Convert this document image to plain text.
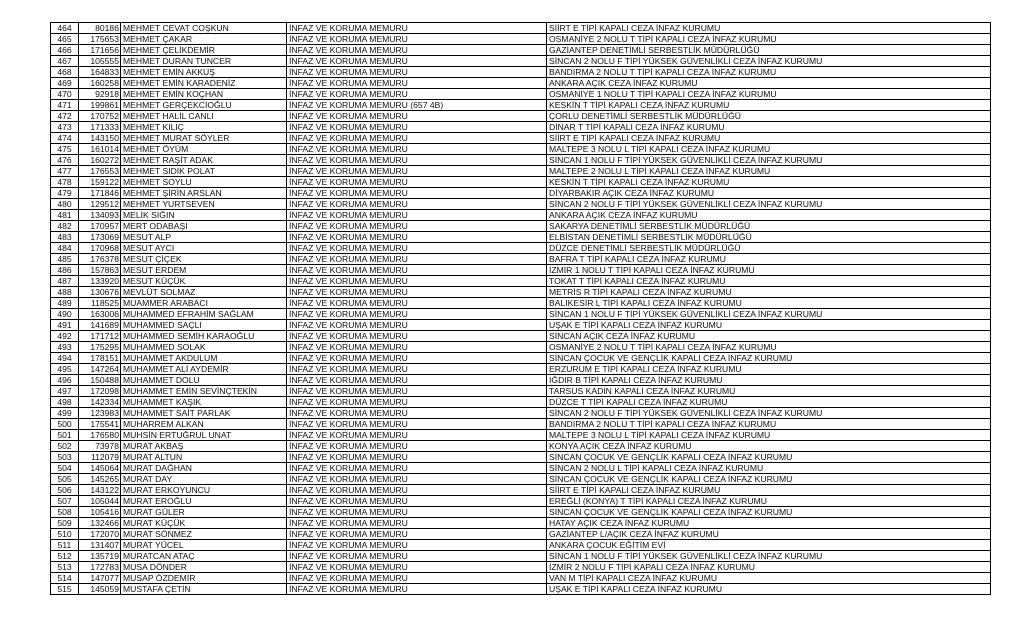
464	80186	MEHMET CEVAT COŞKUN	İNFAZ VE KORUMA MEMURU	SİİRT E TİPİ KAPALI CEZA İNFAZ KURUMU
465	175653	MEHMET ÇAKAR	İNFAZ VE KORUMA MEMURU	OSMANİYE 2 NOLU T TİPİ KAPALI CEZA İNFAZ KURUMU
466	171656	MEHMET ÇELİKDEMİR	İNFAZ VE KORUMA MEMURU	GAZİANTEP DENETİMLİ SERBESTLİK MÜDÜRLÜĞÜ
467	105555	MEHMET DURAN TUNCER	İNFAZ VE KORUMA MEMURU	SİNCAN 2 NOLU F TİPİ YÜKSEK GÜVENLİKLİ CEZA İNFAZ KURUMU
468	164833	MEHMET EMİN AKKUŞ	İNFAZ VE KORUMA MEMURU	BANDIRMA 2 NOLU T TİPİ KAPALI CEZA İNFAZ KURUMU
469	160258	MEHMET EMİN KARADENİZ	İNFAZ VE KORUMA MEMURU	ANKARA AÇIK CEZA İNFAZ KURUMU
470	92918	MEHMET EMİN KOÇHAN	İNFAZ VE KORUMA MEMURU	OSMANİYE 1 NOLU T TİPİ KAPALI CEZA İNFAZ KURUMU
471	199861	MEHMET GERÇEKCİOĞLU	İNFAZ VE KORUMA MEMURU (657 4B)	KESKİN T TİPİ KAPALI CEZA İNFAZ KURUMU
472	170752	MEHMET HALİL CANLI	İNFAZ VE KORUMA MEMURU	ÇORLU DENETİMLİ SERBESTLİK MÜDÜRLÜĞÜ
473	171333	MEHMET KILIÇ	İNFAZ VE KORUMA MEMURU	DİNAR T TİPİ KAPALI CEZA İNFAZ KURUMU
474	143150	MEHMET MURAT SÖYLER	İNFAZ VE KORUMA MEMURU	SİİRT E TİPİ KAPALI CEZA İNFAZ KURUMU
475	161014	MEHMET ÖYÜM	İNFAZ VE KORUMA MEMURU	MALTEPE 3 NOLU L TİPİ KAPALI CEZA İNFAZ KURUMU
476	160272	MEHMET RAŞİT ADAK	İNFAZ VE KORUMA MEMURU	SİNCAN 1 NOLU F TİPİ YÜKSEK GÜVENLİKLİ CEZA İNFAZ KURUMU
477	176553	MEHMET SIDIK POLAT	İNFAZ VE KORUMA MEMURU	MALTEPE 2 NOLU L TİPİ KAPALI CEZA İNFAZ KURUMU
478	159122	MEHMET SOYLU	İNFAZ VE KORUMA MEMURU	KESKİN T TİPİ KAPALI CEZA İNFAZ KURUMU
479	171846	MEHMET ŞİRİN ARSLAN	İNFAZ VE KORUMA MEMURU	DİYARBAKIR AÇIK CEZA İNFAZ KURUMU
480	129512	MEHMET YURTSEVEN	İNFAZ VE KORUMA MEMURU	SİNCAN 2 NOLU F TİPİ YÜKSEK GÜVENLİKLİ CEZA İNFAZ KURUMU
481	134093	MELİK SIĞIN	İNFAZ VE KORUMA MEMURU	ANKARA AÇIK CEZA İNFAZ KURUMU
482	170957	MERT ODABAŞI	İNFAZ VE KORUMA MEMURU	SAKARYA DENETİMLİ SERBESTLİK MÜDÜRLÜĞÜ
483	173069	MESUT ALP	İNFAZ VE KORUMA MEMURU	ELBİSTAN DENETİMLİ SERBESTLİK MÜDÜRLÜĞÜ
484	170968	MESUT AYCI	İNFAZ VE KORUMA MEMURU	DÜZCE DENETİMLİ SERBESTLİK MÜDÜRLÜĞÜ
485	176378	MESUT ÇİÇEK	İNFAZ VE KORUMA MEMURU	BAFRA T TİPİ KAPALI CEZA İNFAZ KURUMU
486	157863	MESUT ERDEM	İNFAZ VE KORUMA MEMURU	İZMİR 1 NOLU T TİPİ KAPALI CEZA İNFAZ KURUMU
487	133920	MESUT KÜÇÜK	İNFAZ VE KORUMA MEMURU	TOKAT T TİPİ KAPALI CEZA İNFAZ KURUMU
488	130676	MEVLÜT SOLMAZ	İNFAZ VE KORUMA MEMURU	METRİS R TİPİ KAPALI CEZA İNFAZ KURUMU
489	118525	MUAMMER ARABACI	İNFAZ VE KORUMA MEMURU	BALIKESİR L TİPİ KAPALI CEZA İNFAZ KURUMU
490	163006	MUHAMMED EFRAHİM SAĞLAM	İNFAZ VE KORUMA MEMURU	SİNCAN 1 NOLU F TİPİ YÜKSEK GÜVENLİKLİ CEZA İNFAZ KURUMU
491	141689	MUHAMMED SAÇLI	İNFAZ VE KORUMA MEMURU	UŞAK E TİPİ KAPALI CEZA İNFAZ KURUMU
492	171712	MUHAMMED SEMİH KARAOĞLU	İNFAZ VE KORUMA MEMURU	SİNCAN AÇIK CEZA İNFAZ KURUMU
493	175295	MUHAMMED SOLAK	İNFAZ VE KORUMA MEMURU	OSMANİYE 2 NOLU T TİPİ KAPALI CEZA İNFAZ KURUMU
494	178151	MUHAMMET AKDULUM	İNFAZ VE KORUMA MEMURU	SİNCAN ÇOCUK VE GENÇLİK KAPALI CEZA İNFAZ KURUMU
495	147264	MUHAMMET ALİ AYDEMİR	İNFAZ VE KORUMA MEMURU	ERZURUM E TİPİ KAPALI CEZA İNFAZ KURUMU
496	150488	MUHAMMET DOLU	İNFAZ VE KORUMA MEMURU	IĞDIR B TİPİ KAPALI CEZA İNFAZ KURUMU
497	172098	MUHAMMET EMİN SEVİNÇTEKİN	İNFAZ VE KORUMA MEMURU	TARSUS KADIN KAPALI CEZA İNFAZ KURUMU
498	142334	MUHAMMET KAŞIK	İNFAZ VE KORUMA MEMURU	DÜZCE T TİPİ KAPALI CEZA İNFAZ KURUMU
499	123983	MUHAMMET SAİT PARLAK	İNFAZ VE KORUMA MEMURU	SİNCAN 2 NOLU F TİPİ YÜKSEK GÜVENLİKLİ CEZA İNFAZ KURUMU
500	175541	MUHARREM ALKAN	İNFAZ VE KORUMA MEMURU	BANDIRMA 2 NOLU T TİPİ KAPALI CEZA İNFAZ KURUMU
501	176580	MUHSİN ERTUĞRUL UNAT	İNFAZ VE KORUMA MEMURU	MALTEPE 3 NOLU L TİPİ KAPALI CEZA İNFAZ KURUMU
502	73978	MURAT AKBAŞ	İNFAZ VE KORUMA MEMURU	KONYA AÇIK CEZA İNFAZ KURUMU
503	112079	MURAT ALTUN	İNFAZ VE KORUMA MEMURU	SİNCAN ÇOCUK VE GENÇLİK KAPALI CEZA İNFAZ KURUMU
504	145064	MURAT DAĞHAN	İNFAZ VE KORUMA MEMURU	SİNCAN 2 NOLU L TİPİ KAPALI CEZA İNFAZ KURUMU
505	145265	MURAT DAY	İNFAZ VE KORUMA MEMURU	SİNCAN ÇOCUK VE GENÇLİK KAPALI CEZA İNFAZ KURUMU
506	143122	MURAT ERKOYUNCU	İNFAZ VE KORUMA MEMURU	SİİRT E TİPİ KAPALI CEZA İNFAZ KURUMU
507	105044	MURAT EROĞLU	İNFAZ VE KORUMA MEMURU	EREĞLİ (KONYA) T TİPİ KAPALI CEZA İNFAZ KURUMU
508	105416	MURAT GÜLER	İNFAZ VE KORUMA MEMURU	SİNCAN ÇOCUK VE GENÇLİK KAPALI CEZA İNFAZ KURUMU
509	132466	MURAT KÜÇÜK	İNFAZ VE KORUMA MEMURU	HATAY AÇIK CEZA İNFAZ KURUMU
510	172070	MURAT SÖNMEZ	İNFAZ VE KORUMA MEMURU	GAZİANTEP L/AÇIK CEZA İNFAZ KURUMU
511	131407	MURAT YÜCEL	İNFAZ VE KORUMA MEMURU	ANKARA ÇOCUK EĞİTİM EVİ
512	135719	MURATCAN ATAÇ	İNFAZ VE KORUMA MEMURU	SİNCAN 1 NOLU F TİPİ YÜKSEK GÜVENLİKLİ CEZA İNFAZ KURUMU
513	172783	MUSA DÖNDER	İNFAZ VE KORUMA MEMURU	İZMİR 2 NOLU F TİPİ KAPALI CEZA İNFAZ KURUMU
514	147077	MUSAP ÖZDEMİR	İNFAZ VE KORUMA MEMURU	VAN M TİPİ KAPALI CEZA İNFAZ KURUMU
515	145059	MUSTAFA ÇETİN	İNFAZ VE KORUMA MEMURU	UŞAK E TİPİ KAPALI CEZA İNFAZ KURUMU
